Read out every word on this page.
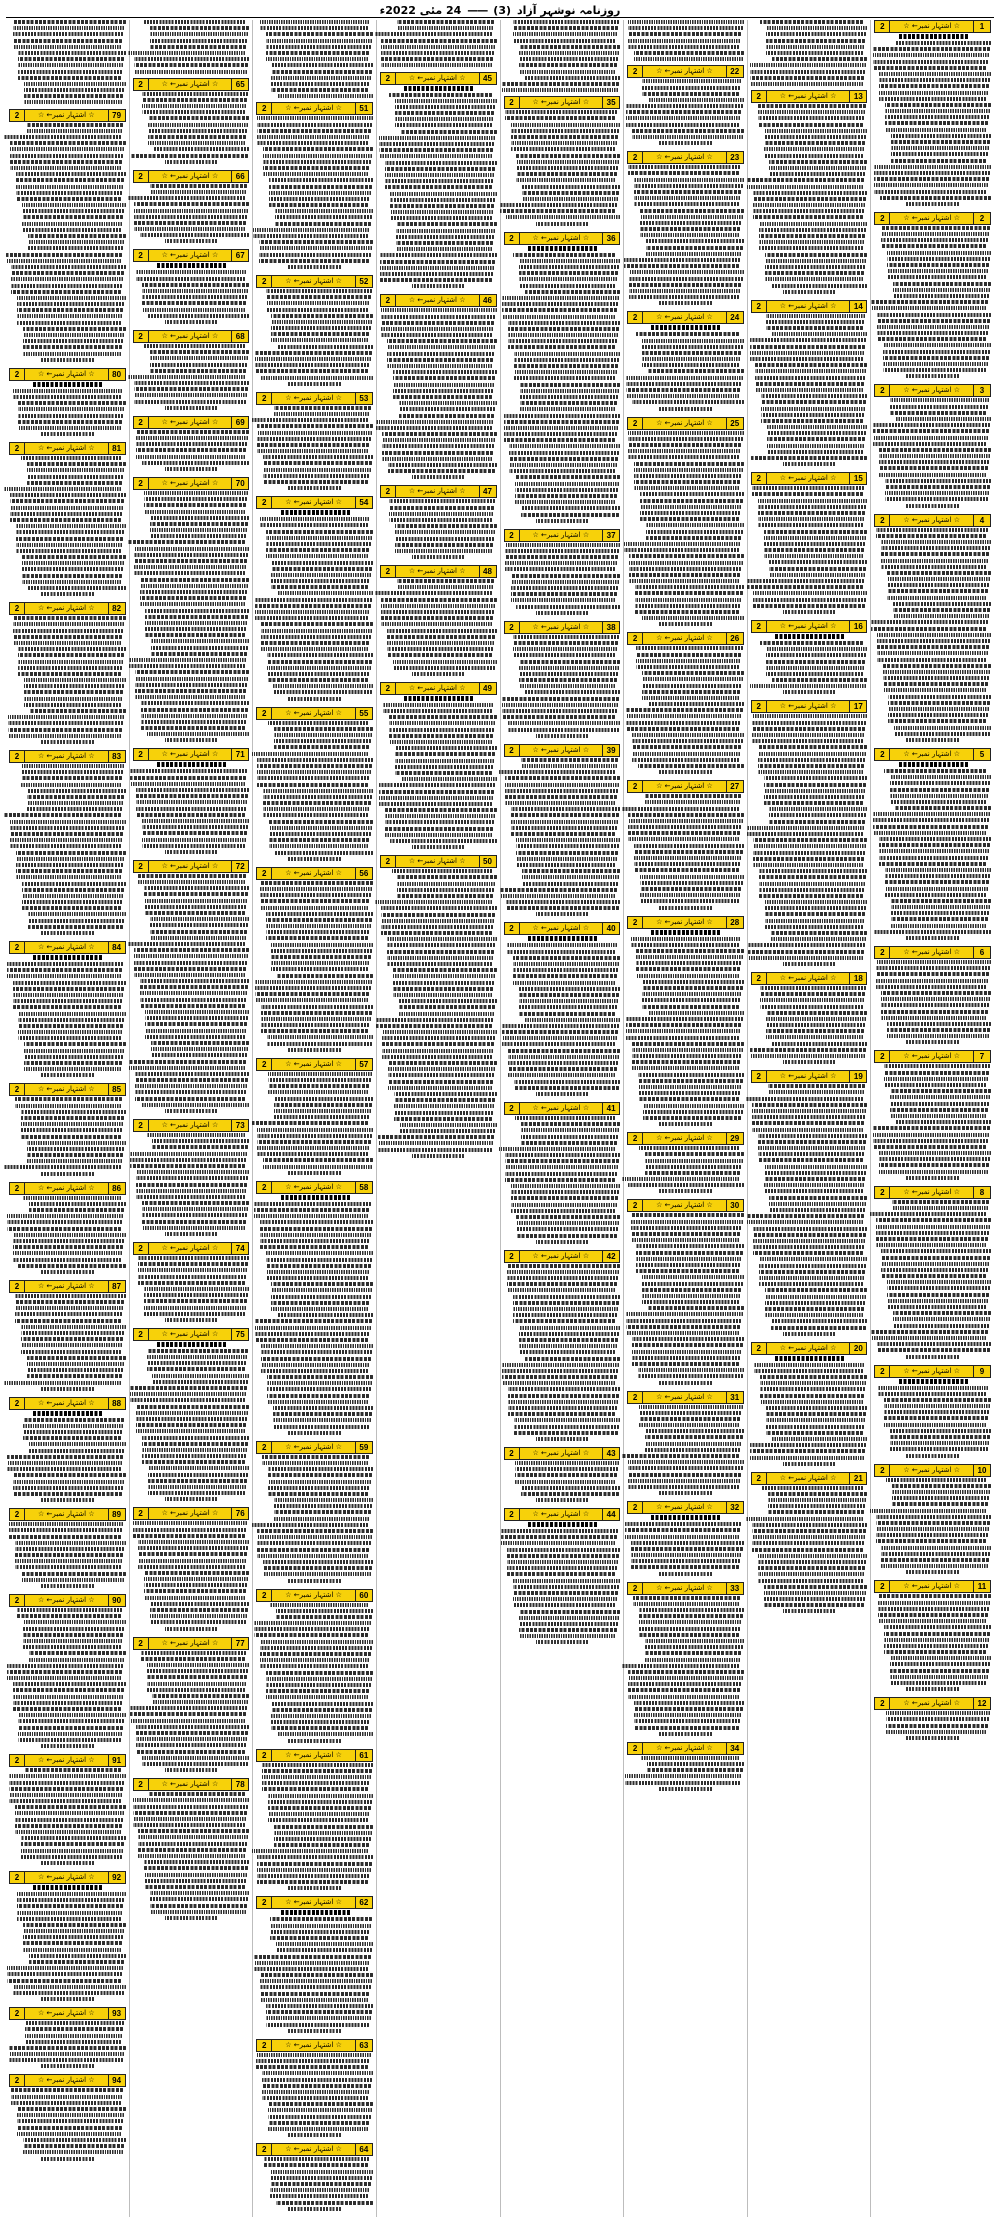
روزنامہ نوشہر آزاد
(3)
——
24 مئی 2022ء
1
☆ اشتہار نمبر← ☆
2
2
☆ اشتہار نمبر← ☆
2
3
☆ اشتہار نمبر← ☆
2
4
☆ اشتہار نمبر← ☆
2
5
☆ اشتہار نمبر← ☆
2
6
☆ اشتہار نمبر← ☆
2
7
☆ اشتہار نمبر← ☆
2
8
☆ اشتہار نمبر← ☆
2
9
☆ اشتہار نمبر← ☆
2
10
☆ اشتہار نمبر← ☆
2
11
☆ اشتہار نمبر← ☆
2
12
☆ اشتہار نمبر← ☆
2
13
☆ اشتہار نمبر← ☆
2
14
☆ اشتہار نمبر← ☆
2
15
☆ اشتہار نمبر← ☆
2
16
☆ اشتہار نمبر← ☆
2
17
☆ اشتہار نمبر← ☆
2
18
☆ اشتہار نمبر← ☆
2
19
☆ اشتہار نمبر← ☆
2
20
☆ اشتہار نمبر← ☆
2
21
☆ اشتہار نمبر← ☆
2
22
☆ اشتہار نمبر← ☆
2
23
☆ اشتہار نمبر← ☆
2
24
☆ اشتہار نمبر← ☆
2
25
☆ اشتہار نمبر← ☆
2
26
☆ اشتہار نمبر← ☆
2
27
☆ اشتہار نمبر← ☆
2
28
☆ اشتہار نمبر← ☆
2
29
☆ اشتہار نمبر← ☆
2
30
☆ اشتہار نمبر← ☆
2
31
☆ اشتہار نمبر← ☆
2
32
☆ اشتہار نمبر← ☆
2
33
☆ اشتہار نمبر← ☆
2
34
☆ اشتہار نمبر← ☆
2
35
☆ اشتہار نمبر← ☆
2
36
☆ اشتہار نمبر← ☆
2
37
☆ اشتہار نمبر← ☆
2
38
☆ اشتہار نمبر← ☆
2
39
☆ اشتہار نمبر← ☆
2
40
☆ اشتہار نمبر← ☆
2
41
☆ اشتہار نمبر← ☆
2
42
☆ اشتہار نمبر← ☆
2
43
☆ اشتہار نمبر← ☆
2
44
☆ اشتہار نمبر← ☆
2
45
☆ اشتہار نمبر← ☆
2
46
☆ اشتہار نمبر← ☆
2
47
☆ اشتہار نمبر← ☆
2
48
☆ اشتہار نمبر← ☆
2
49
☆ اشتہار نمبر← ☆
2
50
☆ اشتہار نمبر← ☆
2
51
☆ اشتہار نمبر← ☆
2
52
☆ اشتہار نمبر← ☆
2
53
☆ اشتہار نمبر← ☆
2
54
☆ اشتہار نمبر← ☆
2
55
☆ اشتہار نمبر← ☆
2
56
☆ اشتہار نمبر← ☆
2
57
☆ اشتہار نمبر← ☆
2
58
☆ اشتہار نمبر← ☆
2
59
☆ اشتہار نمبر← ☆
2
60
☆ اشتہار نمبر← ☆
2
61
☆ اشتہار نمبر← ☆
2
62
☆ اشتہار نمبر← ☆
2
63
☆ اشتہار نمبر← ☆
2
64
☆ اشتہار نمبر← ☆
2
65
☆ اشتہار نمبر← ☆
2
66
☆ اشتہار نمبر← ☆
2
67
☆ اشتہار نمبر← ☆
2
68
☆ اشتہار نمبر← ☆
2
69
☆ اشتہار نمبر← ☆
2
70
☆ اشتہار نمبر← ☆
2
71
☆ اشتہار نمبر← ☆
2
72
☆ اشتہار نمبر← ☆
2
73
☆ اشتہار نمبر← ☆
2
74
☆ اشتہار نمبر← ☆
2
75
☆ اشتہار نمبر← ☆
2
76
☆ اشتہار نمبر← ☆
2
77
☆ اشتہار نمبر← ☆
2
78
☆ اشتہار نمبر← ☆
2
79
☆ اشتہار نمبر← ☆
2
80
☆ اشتہار نمبر← ☆
2
81
☆ اشتہار نمبر← ☆
2
82
☆ اشتہار نمبر← ☆
2
83
☆ اشتہار نمبر← ☆
2
84
☆ اشتہار نمبر← ☆
2
85
☆ اشتہار نمبر← ☆
2
86
☆ اشتہار نمبر← ☆
2
87
☆ اشتہار نمبر← ☆
2
88
☆ اشتہار نمبر← ☆
2
89
☆ اشتہار نمبر← ☆
2
90
☆ اشتہار نمبر← ☆
2
91
☆ اشتہار نمبر← ☆
2
92
☆ اشتہار نمبر← ☆
2
93
☆ اشتہار نمبر← ☆
2
94
☆ اشتہار نمبر← ☆
2
